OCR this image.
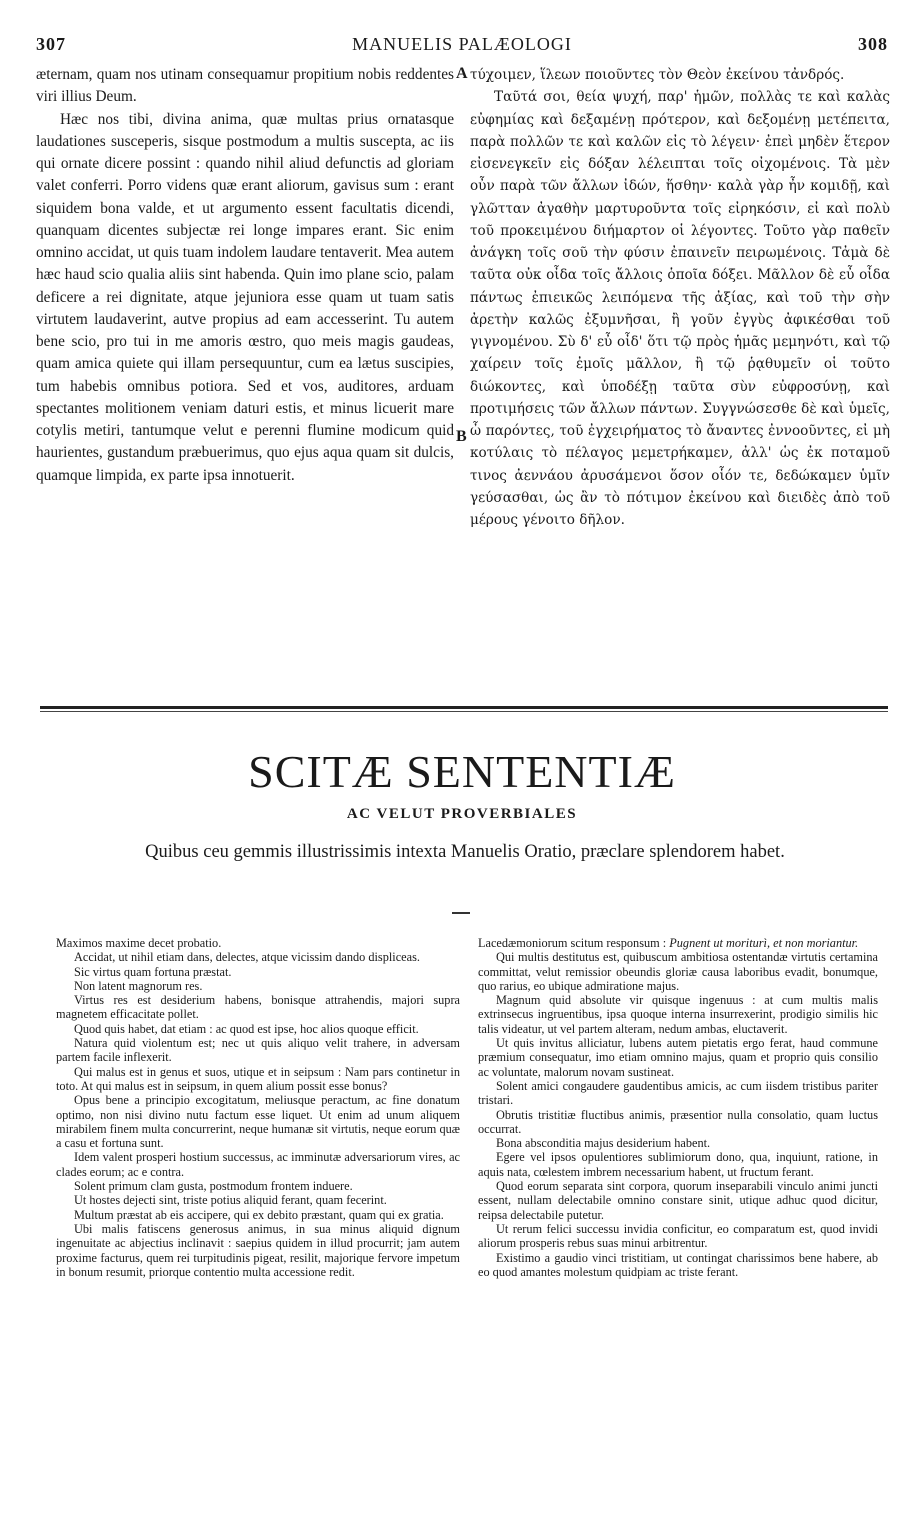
307	MANUELIS PALÆOLOGI	308

æternam, quam nos utinam consequamur propitium nobis reddentes viri illius Deum.

Hæc nos tibi, divina anima, quæ multas prius ornatasque laudationes susceperis, sisque postmodum a multis suscepta, ac iis qui ornate dicere possint : quando nihil aliud defunctis ad gloriam valet conferri. Porro videns quæ erant aliorum, gavisus sum : erant siquidem bona valde, et ut argumento essent facultatis dicendi, quanquam dicentes subjectæ rei longe impares erant. Sic enim omnino accidat, ut quis tuam indolem laudare tentaverit. Mea autem hæc haud scio qualia aliis sint habenda. Quin imo plane scio, palam deficere a rei dignitate, atque jejuniora esse quam ut tuam satis virtutem laudaverint, autve propius ad eam accesserint. Tu autem bene scio, pro tui in me amoris œstro, quo meis magis gaudeas, quam amica quiete qui illam persequuntur, cum ea lætus suscipies, tum habebis omnibus potiora. Sed et vos, auditores, arduam spectantes molitionem veniam daturi estis, et minus licuerit mare cotylis metiri, tantumque velut e perenni flumine modicum quid haurientes, gustandum præbuerimus, quo ejus aqua quam sit dulcis, quamque limpida, ex parte ipsa innotuerit.

A
B

τύχοιμεν, ἵλεων ποιοῦντες τὸν Θεὸν ἐκείνου τἀνδρός.

Ταῦτά σοι, θεία ψυχή, παρ' ἡμῶν, πολλὰς τε καὶ καλὰς εὐφημίας καὶ δεξαμένῃ πρότερον, καὶ δεξομένῃ μετέπειτα, παρὰ πολλῶν τε καὶ καλῶν εἰς τὸ λέγειν· ἐπεὶ μηδὲν ἕτερον εἰσενεγκεῖν εἰς δόξαν λέλειπται τοῖς οἰχομένοις. Τὰ μὲν οὖν παρὰ τῶν ἄλλων ἰδών, ἥσθην· καλὰ γὰρ ἦν κομιδῇ, καὶ γλῶτταν ἀγαθὴν μαρτυροῦντα τοῖς εἰρηκόσιν, εἰ καὶ πολὺ τοῦ προκειμένου διήμαρτον οἱ λέγοντες. Τοῦτο γὰρ παθεῖν ἀνάγκη τοῖς σοῦ τὴν φύσιν ἐπαινεῖν πειρωμένοις. Τἀμὰ δὲ ταῦτα οὐκ οἶδα τοῖς ἄλλοις ὁποῖα δόξει. Μᾶλλον δὲ εὖ οἶδα πάντως ἐπιεικῶς λειπόμενα τῆς ἀξίας, καὶ τοῦ τὴν σὴν ἀρετὴν καλῶς ἐξυμνῆσαι, ἢ γοῦν ἐγγὺς ἀφικέσθαι τοῦ γιγνομένου. Σὺ δ' εὖ οἶδ' ὅτι τῷ πρὸς ἡμᾶς μεμηνότι, καὶ τῷ χαίρειν τοῖς ἐμοῖς μᾶλλον, ἢ τῷ ῥᾳθυμεῖν οἱ τοῦτο διώκοντες, καὶ ὑποδέξῃ ταῦτα σὺν εὐφροσύνῃ, καὶ προτιμήσεις τῶν ἄλλων πάντων. Συγγνώσεσθε δὲ καὶ ὑμεῖς, ὦ παρόντες, τοῦ ἐγχειρήματος τὸ ἄναντες ἐννοοῦντες, εἰ μὴ κοτύλαις τὸ πέλαγος μεμετρήκαμεν, ἀλλ' ὡς ἐκ ποταμοῦ τινος ἀεννάου ἀρυσάμενοι ὅσον οἷόν τε, δεδώκαμεν ὑμῖν γεύσασθαι, ὡς ἂν τὸ πότιμον ἐκείνου καὶ διειδὲς ἀπὸ τοῦ μέρους γένοιτο δῆλον.

SCITÆ SENTENTIÆ
AC VELUT PROVERBIALES

Quibus ceu gemmis illustrissimis intexta Manuelis Oratio, præclare splendorem habet.

Maximos maxime decet probatio.

Accidat, ut nihil etiam dans, delectes, atque vicissim dando displiceas.

Sic virtus quam fortuna præstat.

Non latent magnorum res.

Virtus res est desiderium habens, bonisque attrahendis, majori supra magnetem efficacitate pollet.

Quod quis habet, dat etiam : ac quod est ipse, hoc alios quoque efficit.

Natura quid violentum est; nec ut quis aliquo velit trahere, in adversam partem facile inflexerit.

Qui malus est in genus et suos, utique et in seipsum : Nam pars continetur in toto. At qui malus est in seipsum, in quem alium possit esse bonus?

Opus bene a principio excogitatum, meliusque peractum, ac fine donatum optimo, non nisi divino nutu factum esse liquet. Ut enim ad unum aliquem mirabilem finem multa concurrerint, neque humanæ sit virtutis, neque eorum quæ a casu et fortuna sunt.

Idem valent prosperi hostium successus, ac imminutæ adversariorum vires, ac clades eorum; ac e contra.

Solent primum clam gusta, postmodum frontem induere.

Ut hostes dejecti sint, triste potius aliquid ferant, quam fecerint.

Multum præstat ab eis accipere, qui ex debito præstant, quam qui ex gratia.

Ubi malis fatiscens generosus animus, in sua minus aliquid dignum ingenuitate ac abjectius inclinavit : saepius quidem in illud procurrit; jam autem proxime facturus, quem rei turpitudinis pigeat, resilit, majorique fervore impetum in bonum resumit, priorque contentio multa accessione redit.

Lacedæmoniorum scitum responsum : Pugnent ut moriturì, et non moriantur.

Qui multis destitutus est, quibuscum ambitiosa ostentandæ virtutis certamina committat, velut remissior obeundis gloriæ causa laboribus evadit, bonumque, quo rarius, eo ubique admiratione majus.

Magnum quid absolute vir quisque ingenuus : at cum multis malis extrinsecus ingruentibus, ipsa quoque interna insurrexerint, prodigio similis hic talis videatur, ut vel partem alteram, nedum ambas, eluctaverit.

Ut quis invitus alliciatur, lubens autem pietatis ergo ferat, haud commune præmium consequatur, imo etiam omnino majus, quam et proprio quis consilio ac voluntate, malorum novam sustineat.

Solent amici congaudere gaudentibus amicis, ac cum iisdem tristibus pariter tristari.

Obrutis tristitiæ fluctibus animis, præsentior nulla consolatio, quam luctus occurrat.

Bona absconditia majus desiderium habent.

Egere vel ipsos opulentiores sublimiorum dono, qua, inquiunt, ratione, in aquis nata, cœlestem imbrem necessarium habent, ut fructum ferant.

Quod eorum separata sint corpora, quorum inseparabili vinculo animi juncti essent, nullam delectabile omnino constare sinit, utique adhuc quod dicitur, reipsa delectabile putetur.

Ut rerum felici successu invidia conficitur, eo comparatum est, quod invidi aliorum prosperis rebus suas minui arbitrentur.

Existimo a gaudio vinci tristitiam, ut contingat charissimos bene habere, ab eo quod amantes molestum quidpiam ac triste ferant.
